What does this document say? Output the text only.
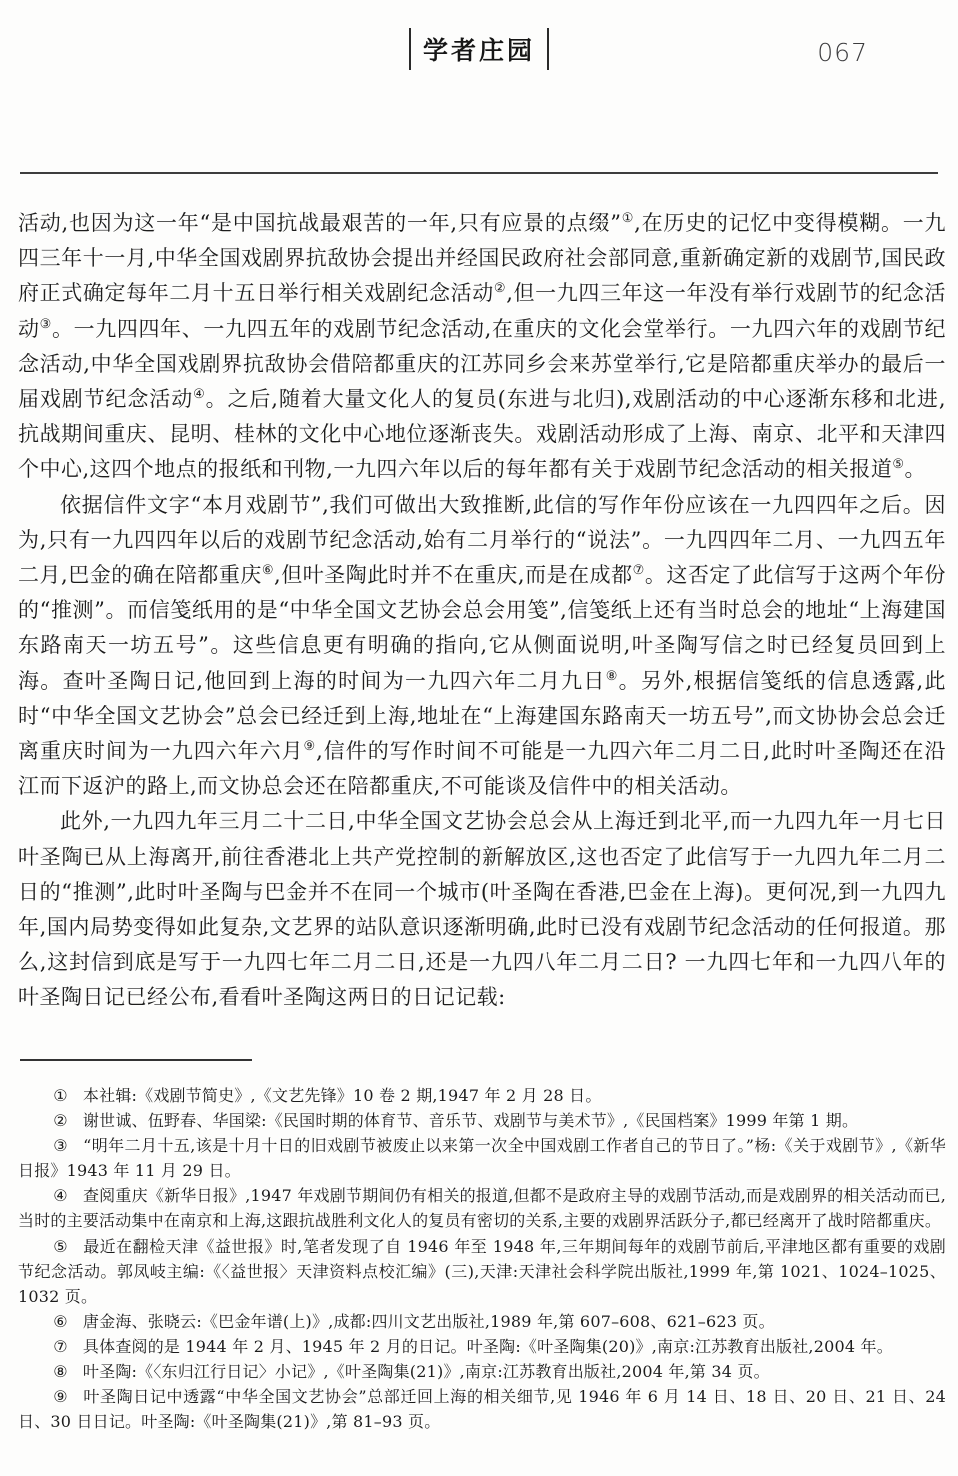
学者庄园	067

活动,也因为这一年“是中国抗战最艰苦的一年,只有应景的点缀”①,在历史的记忆中变得模糊。一九四三年十一月,中华全国戏剧界抗敌协会提出并经国民政府社会部同意,重新确定新的戏剧节,国民政府正式确定每年二月十五日举行相关戏剧纪念活动②,但一九四三年这一年没有举行戏剧节的纪念活动③。一九四四年、一九四五年的戏剧节纪念活动,在重庆的文化会堂举行。一九四六年的戏剧节纪念活动,中华全国戏剧界抗敌协会借陪都重庆的江苏同乡会来苏堂举行,它是陪都重庆举办的最后一届戏剧节纪念活动④。之后,随着大量文化人的复员(东进与北归),戏剧活动的中心逐渐东移和北进,抗战期间重庆、昆明、桂林的文化中心地位逐渐丧失。戏剧活动形成了上海、南京、北平和天津四个中心,这四个地点的报纸和刊物,一九四六年以后的每年都有关于戏剧节纪念活动的相关报道⑤。

依据信件文字“本月戏剧节”,我们可做出大致推断,此信的写作年份应该在一九四四年之后。因为,只有一九四四年以后的戏剧节纪念活动,始有二月举行的“说法”。一九四四年二月、一九四五年二月,巴金的确在陪都重庆⑥,但叶圣陶此时并不在重庆,而是在成都⑦。这否定了此信写于这两个年份的“推测”。而信笺纸用的是“中华全国文艺协会总会用笺”,信笺纸上还有当时总会的地址“上海建国东路南天一坊五号”。这些信息更有明确的指向,它从侧面说明,叶圣陶写信之时已经复员回到上海。查叶圣陶日记,他回到上海的时间为一九四六年二月九日⑧。另外,根据信笺纸的信息透露,此时“中华全国文艺协会”总会已经迁到上海,地址在“上海建国东路南天一坊五号”,而文协协会总会迁离重庆时间为一九四六年六月⑨,信件的写作时间不可能是一九四六年二月二日,此时叶圣陶还在沿江而下返沪的路上,而文协总会还在陪都重庆,不可能谈及信件中的相关活动。

此外,一九四九年三月二十二日,中华全国文艺协会总会从上海迁到北平,而一九四九年一月七日叶圣陶已从上海离开,前往香港北上共产党控制的新解放区,这也否定了此信写于一九四九年二月二日的“推测”,此时叶圣陶与巴金并不在同一个城市(叶圣陶在香港,巴金在上海)。更何况,到一九四九年,国内局势变得如此复杂,文艺界的站队意识逐渐明确,此时已没有戏剧节纪念活动的任何报道。那么,这封信到底是写于一九四七年二月二日,还是一九四八年二月二日? 一九四七年和一九四八年的叶圣陶日记已经公布,看看叶圣陶这两日的日记记载:

① 本社辑:《戏剧节简史》,《文艺先锋》10 卷 2 期,1947 年 2 月 28 日。

② 谢世诚、伍野春、华国梁:《民国时期的体育节、音乐节、戏剧节与美术节》,《民国档案》1999 年第 1 期。

③ “明年二月十五,该是十月十日的旧戏剧节被废止以来第一次全中国戏剧工作者自己的节日了。”杨:《关于戏剧节》,《新华日报》1943 年 11 月 29 日。

④ 查阅重庆《新华日报》,1947 年戏剧节期间仍有相关的报道,但都不是政府主导的戏剧节活动,而是戏剧界的相关活动而已,当时的主要活动集中在南京和上海,这跟抗战胜利文化人的复员有密切的关系,主要的戏剧界活跃分子,都已经离开了战时陪都重庆。

⑤ 最近在翻检天津《益世报》时,笔者发现了自 1946 年至 1948 年,三年期间每年的戏剧节前后,平津地区都有重要的戏剧节纪念活动。郭凤岐主编:《〈益世报〉天津资料点校汇编》(三),天津:天津社会科学院出版社,1999 年,第 1021、1024–1025、1032 页。

⑥ 唐金海、张晓云:《巴金年谱(上)》,成都:四川文艺出版社,1989 年,第 607–608、621–623 页。

⑦ 具体查阅的是 1944 年 2 月、1945 年 2 月的日记。叶圣陶:《叶圣陶集(20)》,南京:江苏教育出版社,2004 年。

⑧ 叶圣陶:《〈东归江行日记〉小记》,《叶圣陶集(21)》,南京:江苏教育出版社,2004 年,第 34 页。

⑨ 叶圣陶日记中透露“中华全国文艺协会”总部迁回上海的相关细节,见 1946 年 6 月 14 日、18 日、20 日、21 日、24 日、30 日日记。叶圣陶:《叶圣陶集(21)》,第 81–93 页。
